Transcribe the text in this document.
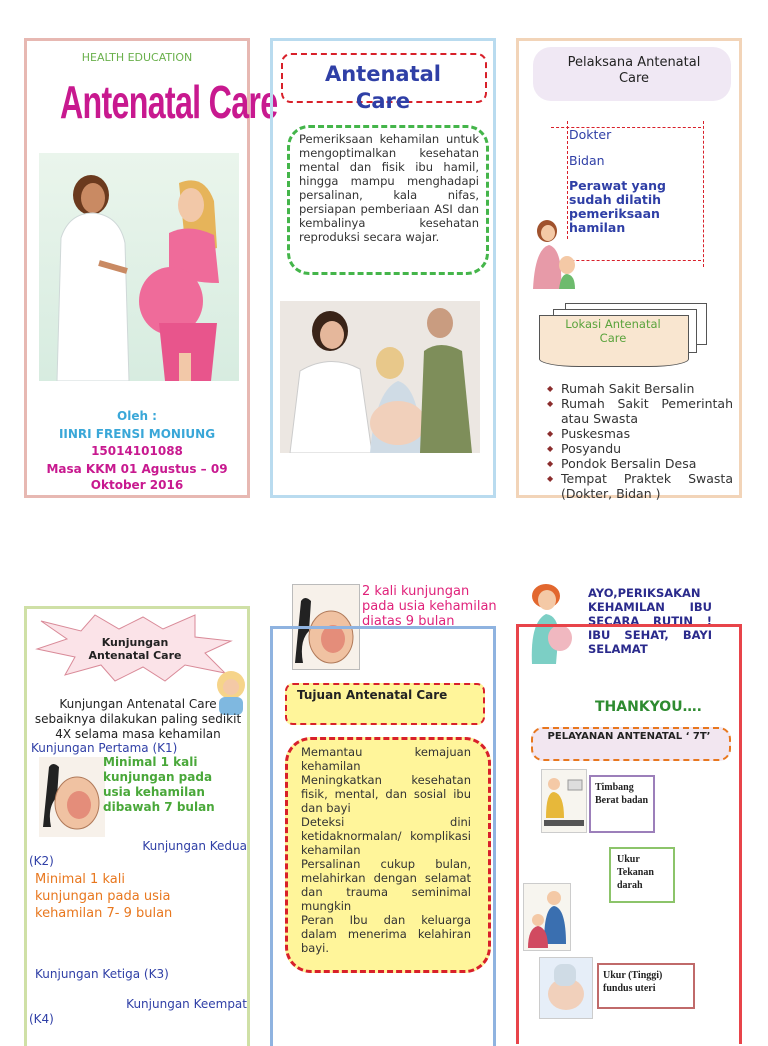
HEALTH EDUCATION
Antenatal Care
Oleh :
IINRI FRENSI MONIUNG
15014101088
Masa KKM 01 Agustus – 09 Oktober 2016
Antenatal Care
Pemeriksaan kehamilan untuk mengoptimalkan kesehatan mental dan fisik ibu hamil, hingga mampu menghadapi persalinan, kala nifas, persiapan pemberiaan ASI dan kembalinya kesehatan reproduksi secara wajar.
Pelaksana Antenatal Care
Dokter
Bidan
Perawat yang sudah dilatih pemeriksaan hamilan
Lokasi Antenatal Care
◆ Rumah Sakit Bersalin
◆ Rumah Sakit Pemerintah atau Swasta
◆ Puskesmas
◆ Posyandu
◆ Pondok Bersalin Desa
◆ Tempat Praktek Swasta (Dokter, Bidan )
Kunjungan Antenatal Care
Kunjungan Antenatal Care sebaiknya dilakukan paling sedikit 4X selama masa kehamilan
Kunjungan Pertama (K1)
Minimal 1 kali kunjungan pada usia kehamilan dibawah 7 bulan
Kunjungan Kedua
(K2)
Minimal 1 kali kunjungan pada usia kehamilan 7- 9 bulan
Kunjungan Ketiga (K3)
Kunjungan Keempat
(K4)
2 kali kunjungan pada usia kehamilan diatas 9 bulan
Tujuan Antenatal Care
Memantau kemajuan kehamilan
Meningkatkan kesehatan fisik, mental, dan sosial ibu dan bayi
Deteksi dini ketidaknormalan/ komplikasi kehamilan
Persalinan cukup bulan, melahirkan dengan selamat dan trauma seminimal mungkin
Peran Ibu dan keluarga dalam menerima kelahiran bayi.
AYO,PERIKSAKAN KEHAMILAN IBU SECARA RUTIN ! IBU SEHAT, BAYI SELAMAT
THANKYOU….
PELAYANAN ANTENATAL ‘ 7T’
Timbang Berat badan
Ukur Tekanan darah
Ukur (Tinggi) fundus uteri
